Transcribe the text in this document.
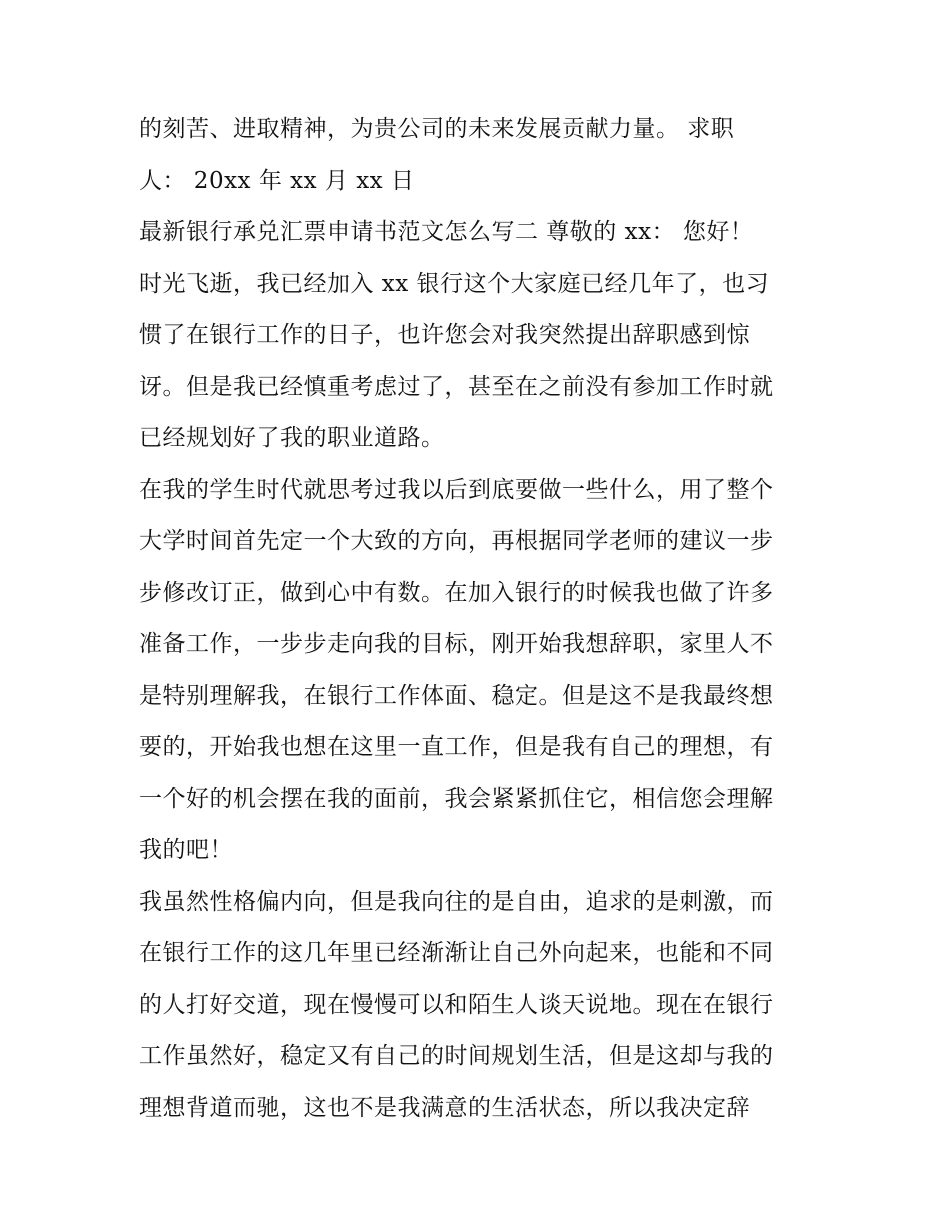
的刻苦、进取精神，为贵公司的未来发展贡献力量。 求职
人： 20xx 年 xx 月 xx 日
最新银行承兑汇票申请书范文怎么写二 尊敬的 xx： 您好！
时光飞逝，我已经加入 xx 银行这个大家庭已经几年了，也习
惯了在银行工作的日子，也许您会对我突然提出辞职感到惊
讶。但是我已经慎重考虑过了，甚至在之前没有参加工作时就
已经规划好了我的职业道路。
在我的学生时代就思考过我以后到底要做一些什么，用了整个
大学时间首先定一个大致的方向，再根据同学老师的建议一步
步修改订正，做到心中有数。在加入银行的时候我也做了许多
准备工作，一步步走向我的目标，刚开始我想辞职，家里人不
是特别理解我，在银行工作体面、稳定。但是这不是我最终想
要的，开始我也想在这里一直工作，但是我有自己的理想，有
一个好的机会摆在我的面前，我会紧紧抓住它，相信您会理解
我的吧！
我虽然性格偏内向，但是我向往的是自由，追求的是刺激，而
在银行工作的这几年里已经渐渐让自己外向起来，也能和不同
的人打好交道，现在慢慢可以和陌生人谈天说地。现在在银行
工作虽然好，稳定又有自己的时间规划生活，但是这却与我的
理想背道而驰，这也不是我满意的生活状态，所以我决定辞
